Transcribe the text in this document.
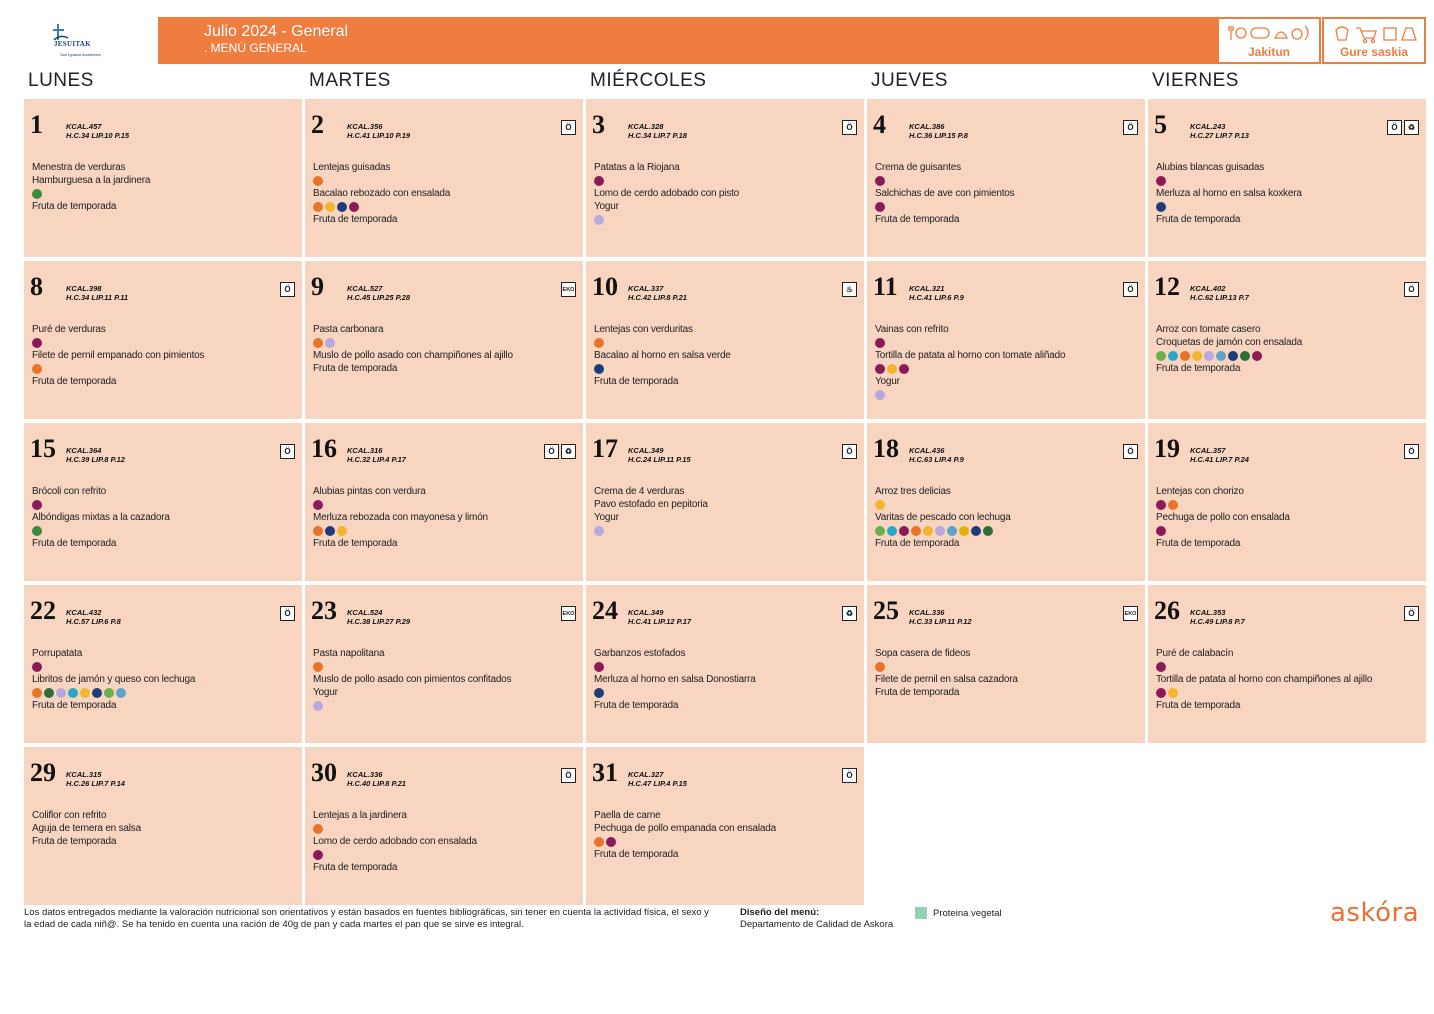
JESUITAK
San Ignacio Ikastetxea
Julio 2024 - General
. MENÚ GENERAL	Jakitun	Gure saskia
LUNES	MARTES	MIÉRCOLES	JUEVES	VIERNES
1	KCAL.457
H.C.34 LIP.10 P.15
Menestra de verduras
Hamburguesa a la jardinera
Fruta de temporada
2	KCAL.356
H.C.41 LIP.10 P.19
Ö
Lentejas guisadas
Bacalao rebozado con ensalada
Fruta de temporada
3	KCAL.328
H.C.34 LIP.7 P.18
Ö
Patatas a la Riojana
Lomo de cerdo adobado con pisto
Yogur
4	KCAL.386
H.C.36 LIP.15 P.8
Ö
Crema de guisantes
Salchichas de ave con pimientos
Fruta de temporada
5	KCAL.243
H.C.27 LIP.7 P.13
Ö	♻
Alubias blancas guisadas
Merluza al horno en salsa koxkera
Fruta de temporada
8	KCAL.398
H.C.34 LIP.11 P.11
Ö
Puré de verduras
Filete de pernil empanado con pimientos
Fruta de temporada
9	KCAL.527
H.C.45 LIP.25 P.28
EKO
Pasta carbonara
Muslo de pollo asado con champiñones al ajillo
Fruta de temporada
10 KCAL.337
H.C.42 LIP.8 P.21
♨
Lentejas con verduritas
Bacalao al horno en salsa verde
Fruta de temporada
11 KCAL.321
H.C.41 LIP.6 P.9
Ö
Vainas con refrito
Tortilla de patata al horno con tomate aliñado
Yogur
12 KCAL.402
H.C.62 LIP.13 P.7
Ö
Arroz con tomate casero
Croquetas de jamón con ensalada
Fruta de temporada
15 KCAL.364
H.C.39 LIP.8 P.12
Ö
Brócoli con refrito
Albóndigas mixtas a la cazadora
Fruta de temporada
16 KCAL.316
H.C.32 LIP.4 P.17
Ö	♻
Alubias pintas con verdura
Merluza rebozada con mayonesa y limón
Fruta de temporada
17 KCAL.349
H.C.24 LIP.11 P.15
Ö
Crema de 4 verduras
Pavo estofado en pepitoria
Yogur
18 KCAL.436
H.C.63 LIP.4 P.9
Ö
Arroz tres delicias
Varitas de pescado con lechuga
Fruta de temporada
19 KCAL.357
H.C.41 LIP.7 P.24
Ö
Lentejas con chorizo
Pechuga de pollo con ensalada
Fruta de temporada
22 KCAL.432
H.C.57 LIP.6 P.8
Ö
Porrupatata
Libritos de jamón y queso con lechuga
Fruta de temporada
23 KCAL.524
H.C.38 LIP.27 P.29
EKO
Pasta napolitana
Muslo de pollo asado con pimientos confitados
Yogur
24 KCAL.349
H.C.41 LIP.12 P.17
♻
Garbanzos estofados
Merluza al horno en salsa Donostiarra
Fruta de temporada
25 KCAL.336
H.C.33 LIP.11 P.12
EKO
Sopa casera de fideos
Filete de pernil en salsa cazadora
Fruta de temporada
26 KCAL.353
H.C.49 LIP.8 P.7
Ö
Puré de calabacín
Tortilla de patata al horno con champiñones al ajillo
Fruta de temporada
29 KCAL.315
H.C.26 LIP.7 P.14
Coliflor con refrito
Aguja de ternera en salsa
Fruta de temporada
30 KCAL.336
H.C.40 LIP.8 P.21
Ö
Lentejas a la jardinera
Lomo de cerdo adobado con ensalada
Fruta de temporada
31 KCAL.327
H.C.47 LIP.4 P.15
Ö
Paella de carne
Pechuga de pollo empanada con ensalada
Fruta de temporada
Los datos entregados mediante la valoración nutricional son orientativos y están basados en fuentes bibliográficas, sin tener en cuenta la actividad física, el sexo y la edad de cada niñ@. Se ha tenido en cuenta una ración de 40g de pan y cada martes el pan que se sirve es integral.
Diseño del menú:
Departamento de Calidad de Askora
Proteina vegetal	askóra
